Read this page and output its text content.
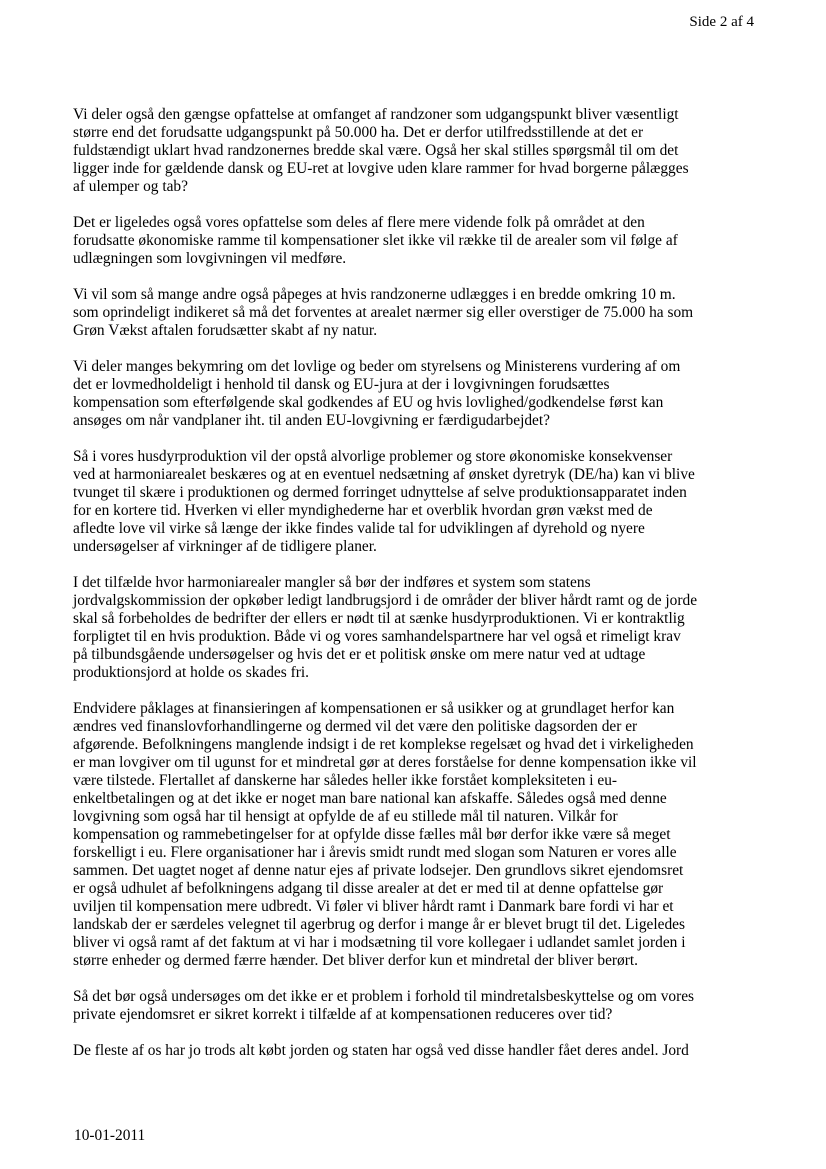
Side 2 af 4
Vi deler også den gængse opfattelse at omfanget af randzoner som udgangspunkt bliver væsentligt
større end det forudsatte udgangspunkt på 50.000 ha. Det er derfor utilfredsstillende at det er
fuldstændigt uklart hvad randzonernes bredde skal være. Også her skal stilles spørgsmål til om det
ligger inde for gældende dansk og EU-ret at lovgive uden klare rammer for hvad borgerne pålægges
af ulemper og tab?
Det er ligeledes også vores opfattelse som deles af flere mere vidende folk på området at den
forudsatte økonomiske ramme til kompensationer slet ikke vil række til de arealer som vil følge af
udlægningen som lovgivningen vil medføre.
Vi vil som så mange andre også påpeges at hvis randzonerne udlægges i en bredde omkring 10 m.
som oprindeligt indikeret så må det forventes at arealet nærmer sig eller overstiger de 75.000 ha som
Grøn Vækst aftalen forudsætter skabt af ny natur.
Vi deler manges bekymring om det lovlige og beder om styrelsens og Ministerens vurdering af om
det er lovmedholdeligt i henhold til dansk og EU-jura at der i lovgivningen forudsættes
kompensation som efterfølgende skal godkendes af EU og hvis lovlighed/godkendelse først kan
ansøges om når vandplaner iht. til anden EU-lovgivning er færdigudarbejdet?
Så i vores husdyrproduktion vil der opstå alvorlige problemer og store økonomiske konsekvenser
ved at harmoniarealet beskæres og at en eventuel nedsætning af ønsket dyretryk (DE/ha) kan vi blive
tvunget til skære i produktionen og dermed forringet udnyttelse af selve produktionsapparatet inden
for en kortere tid. Hverken vi eller myndighederne har et overblik hvordan grøn vækst med de
afledte love vil virke så længe der ikke findes valide tal for udviklingen af dyrehold og nyere
undersøgelser af virkninger af de tidligere planer.
I det tilfælde hvor harmoniarealer mangler så bør der indføres et system som statens
jordvalgskommission der opkøber ledigt landbrugsjord i de områder der bliver hårdt ramt og de jorde
skal så forbeholdes de bedrifter der ellers er nødt til at sænke husdyrproduktionen. Vi er kontraktlig
forpligtet til en hvis produktion. Både vi og vores samhandelspartnere har vel også et rimeligt krav
på tilbundsgående undersøgelser og hvis det er et politisk ønske om mere natur ved at udtage
produktionsjord at holde os skades fri.
Endvidere påklages at finansieringen af kompensationen er så usikker og at grundlaget herfor kan
ændres ved finanslovforhandlingerne og dermed vil det være den politiske dagsorden der er
afgørende. Befolkningens manglende indsigt i de ret komplekse regelsæt og hvad det i virkeligheden
er man lovgiver om til ugunst for et mindretal gør at deres forståelse for denne kompensation ikke vil
være tilstede. Flertallet af danskerne har således heller ikke forstået kompleksiteten i eu-
enkeltbetalingen og at det ikke er noget man bare national kan afskaffe. Således også med denne
lovgivning som også har til hensigt at opfylde de af eu stillede mål til naturen. Vilkår for
kompensation og rammebetingelser for at opfylde disse fælles mål bør derfor ikke være så meget
forskelligt i eu. Flere organisationer har i årevis smidt rundt med slogan som Naturen er vores alle
sammen. Det uagtet noget af denne natur ejes af private lodsejer. Den grundlovs sikret ejendomsret
er også udhulet af befolkningens adgang til disse arealer at det er med til at denne opfattelse gør
uviljen til kompensation mere udbredt. Vi føler vi bliver hårdt ramt i Danmark bare fordi vi har et
landskab der er særdeles velegnet til agerbrug og derfor i mange år er blevet brugt til det. Ligeledes
bliver vi også ramt af det faktum at vi har i modsætning til vore kollegaer i udlandet samlet jorden i
større enheder og dermed færre hænder. Det bliver derfor kun et mindretal der bliver berørt.
Så det bør også undersøges om det ikke er et problem i forhold til mindretalsbeskyttelse og om vores
private ejendomsret er sikret korrekt i tilfælde af at kompensationen reduceres over tid?
De fleste af os har jo trods alt købt jorden og staten har også ved disse handler fået deres andel. Jord
10-01-2011
